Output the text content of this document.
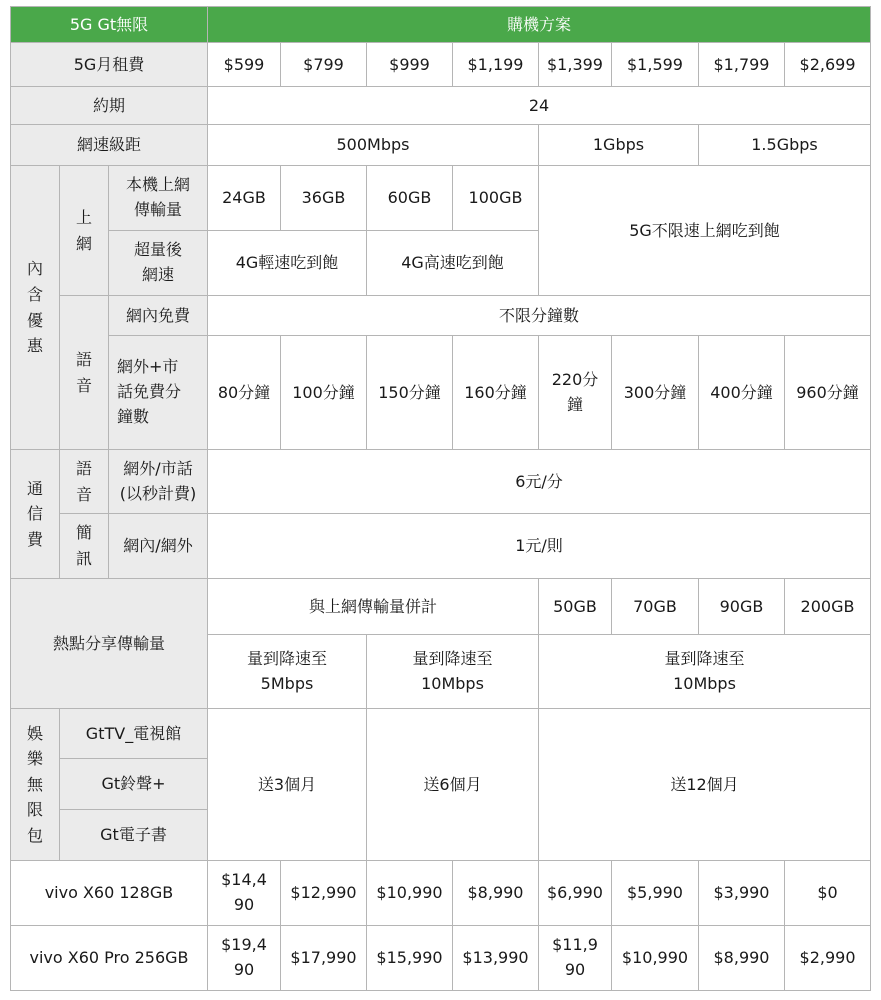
5G Gt無限			購機方案							
5G月租費			$599	$799	$999	$1,199	$1,399	$1,599	$1,799	$2,699
約期			24							
網速級距			500Mbps				1Gbps		1.5Gbps	

內含優惠	上網	本機上網傳輸量	24GB	36GB	60GB	100GB	5G不限速上網吃到飽			

		超量後網速	4G輕速吃到飽		4G高速吃到飽					

	語音	網內免費	不限分鐘數							

		網外+市話免費分鐘數	80分鐘	100分鐘	150分鐘	160分鐘	220分鐘	300分鐘	400分鐘	960分鐘

通信費	語音	網外/市話(以秒計費)	6元/分							

	簡訊	網內/網外	1元/則							
熱點分享傳輸量			與上網傳輸量併計				50GB	70GB	90GB	200GB

			量到降速至5Mbps		量到降速至10Mbps		量到降速至10Mbps			

娛樂無限包	GtTV_電視館		送3個月		送6個月		送12個月			
	Gt鈴聲+									
	Gt電子書									
vivo X60 128GB			$14,490	$12,990	$10,990	$8,990	$6,990	$5,990	$3,990	$0
vivo X60 Pro 256GB			$19,490	$17,990	$15,990	$13,990	$11,990	$10,990	$8,990	$2,990
